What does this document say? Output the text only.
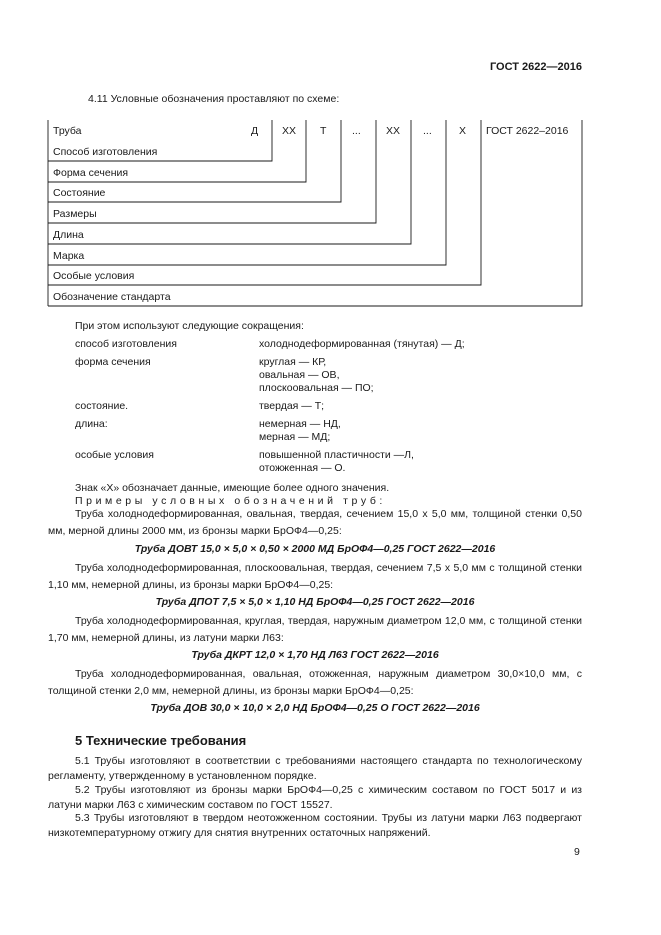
ГОСТ 2622—2016
4.11 Условные обозначения проставляют по схеме:
Труба	Д ХХ Т ... ХХ ...	Х ГОСТ 2622–2016
Способ изготовления
Форма сечения
Состояние
Размеры
Длина
Марка
Особые условия
Обозначение стандарта
При этом используют следующие сокращения:
способ изготовления	холоднодеформированная (тянутая) — Д;
форма сечения	круглая — КР,
овальная — ОВ,
плоскоовальная — ПО;
состояние.	твердая — Т;
длина:	немерная — НД,
мерная — МД;
особые условия	повышенной пластичности —Л,
отожженная — О.
Знак «Х» обозначает данные, имеющие более одного значения.
Примеры условных обозначений труб:
Труба холоднодеформированная, овальная, твердая, сечением 15,0 х 5,0 мм, толщиной стенки 0,50 мм, мерной длины 2000 мм, из бронзы марки БрОФ4—0,25:
Труба ДОВТ 15,0 × 5,0 × 0,50 × 2000 МД БрОФ4—0,25 ГОСТ 2622—2016
Труба холоднодеформированная, плоскоовальная, твердая, сечением 7,5 х 5,0 мм с толщиной стенки 1,10 мм, немерной длины, из бронзы марки БрОФ4—0,25:
Труба ДПОТ 7,5 × 5,0 × 1,10 НД БрОФ4—0,25 ГОСТ 2622—2016
Труба холоднодеформированная, круглая, твердая, наружным диаметром 12,0 мм, с толщиной стенки 1,70 мм, немерной длины, из латуни марки Л63:
Труба ДКРТ 12,0 × 1,70 НД Л63 ГОСТ 2622—2016
Труба холоднодеформированная, овальная, отожженная, наружным диаметром 30,0×10,0 мм, с толщиной стенки 2,0 мм, немерной длины, из бронзы марки БрОФ4—0,25:
Труба ДОВ 30,0 × 10,0 × 2,0 НД БрОФ4—0,25 О ГОСТ 2622—2016
5 Технические требования
5.1 Трубы изготовляют в соответствии с требованиями настоящего стандарта по технологическому регламенту, утвержденному в установленном порядке.
5.2 Трубы изготовляют из бронзы марки БрОФ4—0,25 с химическим составом по ГОСТ 5017 и из латуни марки Л63 с химическим составом по ГОСТ 15527.
5.3 Трубы изготовляют в твердом неотожженном состоянии. Трубы из латуни марки Л63 подвергают низкотемпературному отжигу для снятия внутренних остаточных напряжений.
9
